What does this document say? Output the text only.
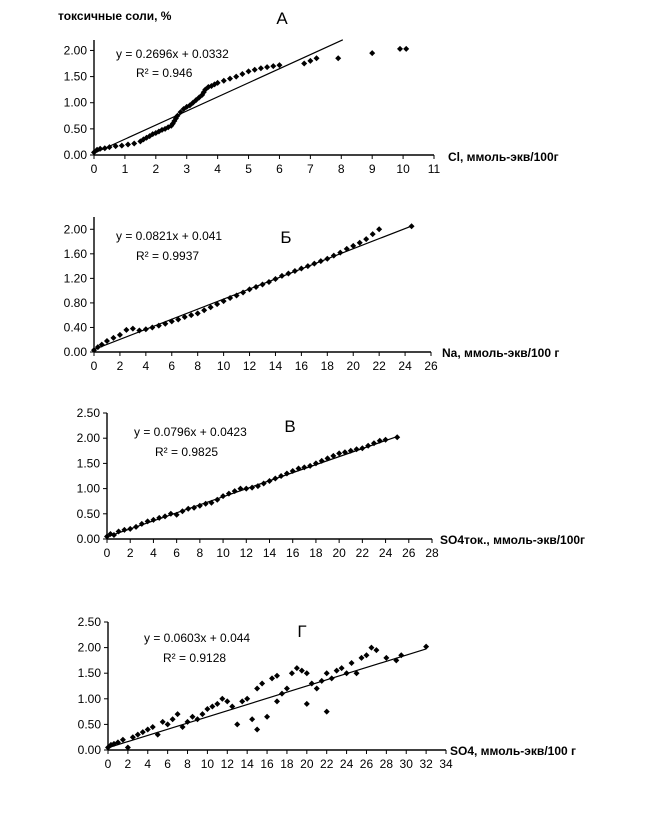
токсичные соли, %
0 1 2 3 4 5 6 7 8 9 10 11
0.00
0.50
1.00
1.50
2.00
Cl, ммоль-экв/100г
А
y = 0.2696x + 0.0332
R² = 0.946
0 2 4 6 8 10 12 14 16 18 20 22 24 26
0.00
0.40
0.80
1.20
1.60
2.00
Na, ммоль-экв/100 г
Б
y = 0.0821x + 0.041
R² = 0.9937
0 2 4 6 8 10 12 14 16 18 20 22 24 26 28
0.00
0.50
1.00
1.50
2.00
2.50
SO4ток., ммоль-экв/100г
В
y = 0.0796x + 0.0423
R² = 0.9825
0 2 4 6 8 10 12 14 16 18 20 22 24 26 28 30 32 34
0.00
0.50
1.00
1.50
2.00
2.50
SO4, ммоль-экв/100 г
Г
y = 0.0603x + 0.044
R² = 0.9128
